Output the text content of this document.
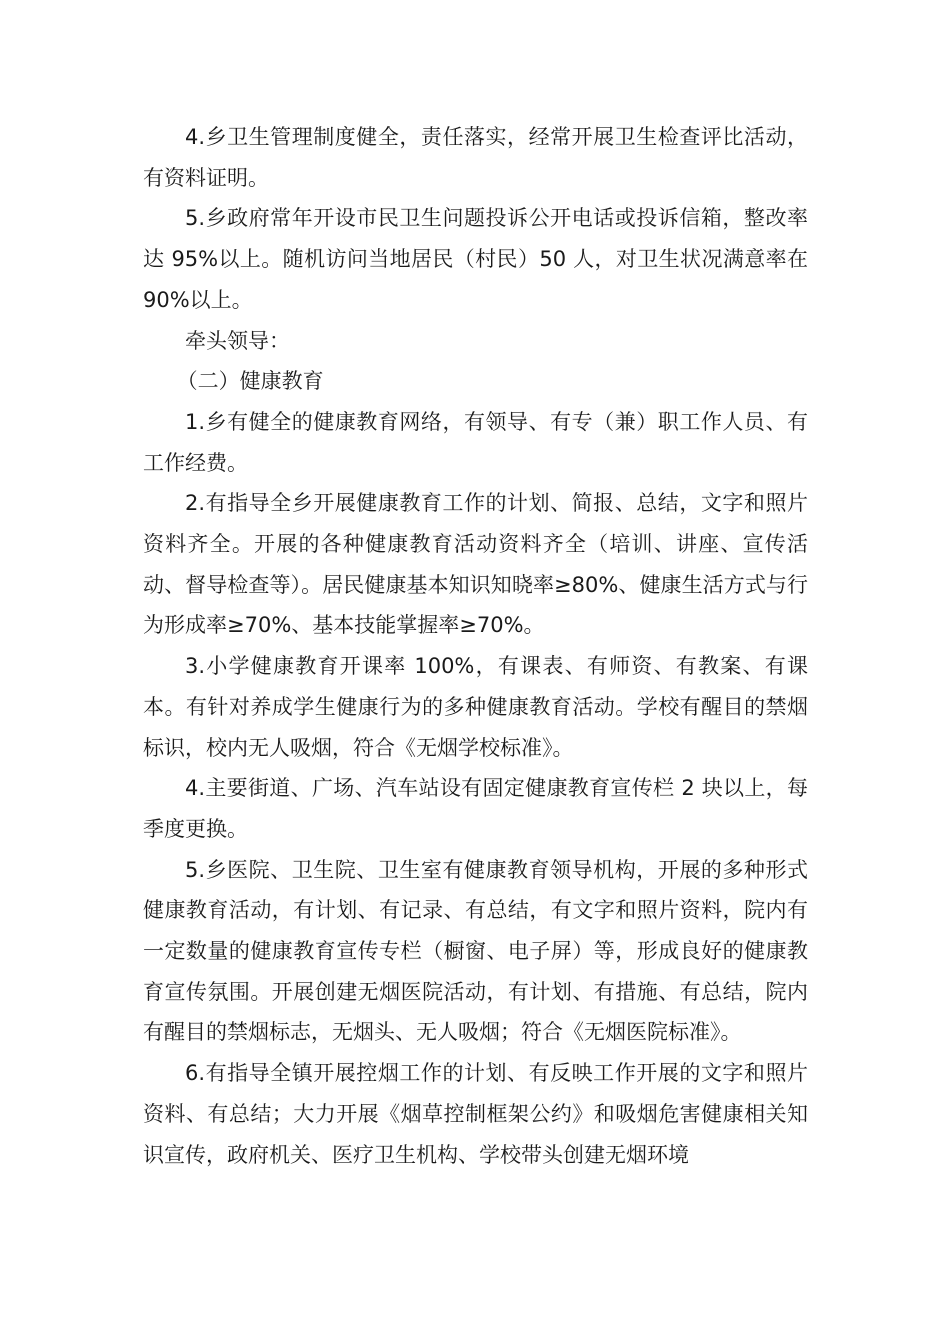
4.乡卫生管理制度健全，责任落实，经常开展卫生检查评比活动，有资料证明。

5.乡政府常年开设市民卫生问题投诉公开电话或投诉信箱，整改率达 95%以上。随机访问当地居民（村民）50 人，对卫生状况满意率在 90%以上。

牵头领导：

（二）健康教育

1.乡有健全的健康教育网络，有领导、有专（兼）职工作人员、有工作经费。

2.有指导全乡开展健康教育工作的计划、简报、总结，文字和照片资料齐全。开展的各种健康教育活动资料齐全（培训、讲座、宣传活动、督导检查等）。居民健康基本知识知晓率≥80%、健康生活方式与行为形成率≥70%、基本技能掌握率≥70%。

3.小学健康教育开课率 100%，有课表、有师资、有教案、有课本。有针对养成学生健康行为的多种健康教育活动。学校有醒目的禁烟标识，校内无人吸烟，符合《无烟学校标准》。

4.主要街道、广场、汽车站设有固定健康教育宣传栏 2 块以上，每季度更换。

5.乡医院、卫生院、卫生室有健康教育领导机构，开展的多种形式健康教育活动，有计划、有记录、有总结，有文字和照片资料，院内有一定数量的健康教育宣传专栏（橱窗、电子屏）等，形成良好的健康教育宣传氛围。开展创建无烟医院活动，有计划、有措施、有总结，院内有醒目的禁烟标志，无烟头、无人吸烟；符合《无烟医院标准》。

6.有指导全镇开展控烟工作的计划、有反映工作开展的文字和照片资料、有总结；大力开展《烟草控制框架公约》和吸烟危害健康相关知识宣传，政府机关、医疗卫生机构、学校带头创建无烟环境
